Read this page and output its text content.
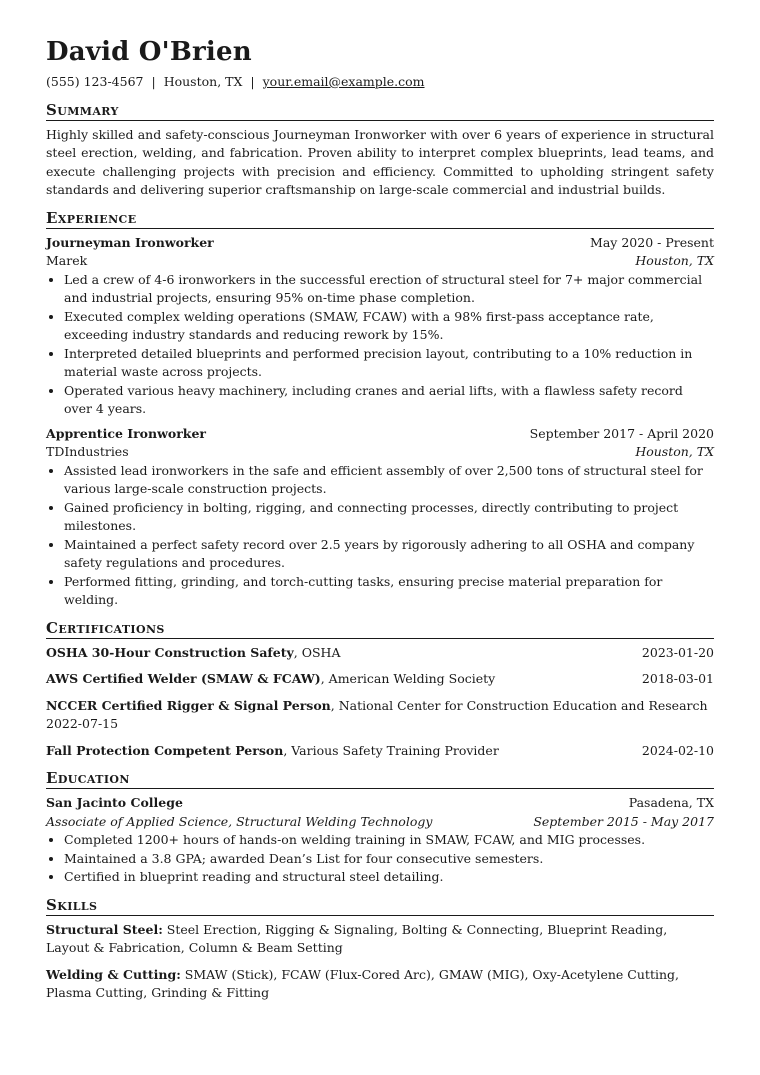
David O'Brien
(555) 123-4567 | Houston, TX | your.email@example.com
Summary

Highly skilled and safety-conscious Journeyman Ironworker with over 6 years of experience in structural steel erection, welding, and fabrication. Proven ability to interpret complex blueprints, lead teams, and execute challenging projects with precision and efficiency. Committed to upholding stringent safety standards and delivering superior craftsmanship on large-scale commercial and industrial builds.

Experience
Journeyman Ironworker	May 2020 - Present
Marek	Houston, TX
• Led a crew of 4-6 ironworkers in the successful erection of structural steel for 7+ major commercial and industrial projects, ensuring 95% on-time phase completion.
• Executed complex welding operations (SMAW, FCAW) with a 98% first-pass acceptance rate, exceeding industry standards and reducing rework by 15%.
• Interpreted detailed blueprints and performed precision layout, contributing to a 10% reduction in material waste across projects.
• Operated various heavy machinery, including cranes and aerial lifts, with a flawless safety record over 4 years.
Apprentice Ironworker	September 2017 - April 2020
TDIndustries	Houston, TX
• Assisted lead ironworkers in the safe and efficient assembly of over 2,500 tons of structural steel for various large-scale construction projects.
• Gained proficiency in bolting, rigging, and connecting processes, directly contributing to project milestones.
• Maintained a perfect safety record over 2.5 years by rigorously adhering to all OSHA and company safety regulations and procedures.
• Performed fitting, grinding, and torch-cutting tasks, ensuring precise material preparation for welding.
Certifications
OSHA 30-Hour Construction Safety, OSHA	2023-01-20
AWS Certified Welder (SMAW & FCAW), American Welding Society	2018-03-01
NCCER Certified Rigger & Signal Person, National Center for Construction Education and Research
2022-07-15
Fall Protection Competent Person, Various Safety Training Provider	2024-02-10
Education
San Jacinto College	Pasadena, TX
Associate of Applied Science, Structural Welding Technology	September 2015 - May 2017
• Completed 1200+ hours of hands-on welding training in SMAW, FCAW, and MIG processes.
• Maintained a 3.8 GPA; awarded Dean’s List for four consecutive semesters.
• Certified in blueprint reading and structural steel detailing.
Skills

Structural Steel: Steel Erection, Rigging & Signaling, Bolting & Connecting, Blueprint Reading, Layout & Fabrication, Column & Beam Setting

Welding & Cutting: SMAW (Stick), FCAW (Flux-Cored Arc), GMAW (MIG), Oxy-Acetylene Cutting, Plasma Cutting, Grinding & Fitting
